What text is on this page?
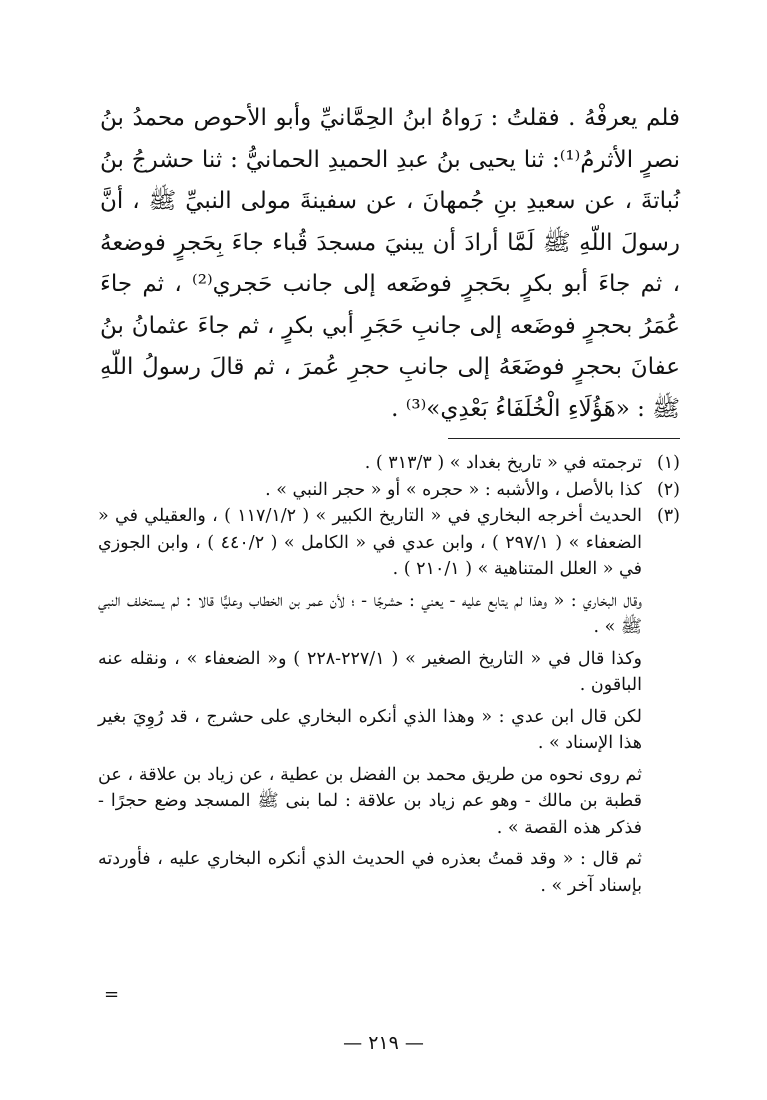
فلم يعرفْهُ . فقلتُ : رَواهُ ابنُ الحِمَّانيِّ وأبو الأحوص محمدُ بنُ نصرٍ الأثرمُ⁽¹⁾: ثنا يحيى بنُ عبدِ الحميدِ الحمانيُّ : ثنا حشرجُ بنُ نُباتةَ ، عن سعيدِ بنِ جُمهانَ ، عن سفينةَ مولى النبيِّ ﷺ ، أنَّ رسولَ اللّهِ ﷺ لَمَّا أرادَ أن يبنيَ مسجدَ قُباء جاءَ بِحَجرٍ فوضعهُ ، ثم جاءَ أبو بكرٍ بحَجرٍ فوضَعه إلى جانب حَجري⁽²⁾ ، ثم جاءَ عُمَرُ بحجرٍ فوضَعه إلى جانبِ حَجَرِ أبي بكرٍ ، ثم جاءَ عثمانُ بنُ عفانَ بحجرٍ فوضَعَهُ إلى جانبِ حجرِ عُمرَ ، ثم قالَ رسولُ اللّهِ ﷺ : «هَؤُلَاءِ الْخُلَفَاءُ بَعْدِي»⁽³⁾ .

(١)

ترجمته في « تاريخ بغداد » ( ٣١٣/٣ ) .

(٢)

كذا بالأصل ، والأشبه : « حجره » أو « حجر النبي » .

(٣)

الحديث أخرجه البخاري في « التاريخ الكبير » ( ١١٧/١/٢ ) ، والعقيلي في « الضعفاء » ( ٢٩٧/١ ) ، وابن عدي في « الكامل » ( ٤٤٠/٢ ) ، وابن الجوزي في « العلل المتناهية » ( ٢١٠/١ ) .

وقال البخاري : « وهذا لم يتابع عليه - يعني : حشرجًا - ؛ لأن عمر بن الخطاب وعليًّا قالا : لم يستخلف النبي ﷺ » .

وكذا قال في « التاريخ الصغير » ( ٢٢٧/١-٢٢٨ ) و« الضعفاء » ، ونقله عنه الباقون .

لكن قال ابن عدي : « وهذا الذي أنكره البخاري على حشرج ، قد رُوِيَ بغير هذا الإسناد » .

ثم روى نحوه من طريق محمد بن الفضل بن عطية ، عن زياد بن علاقة ، عن قطبة بن مالك - وهو عم زياد بن علاقة : لما بنى ﷺ المسجد وضع حجرًا - فذكر هذه القصة » .

ثم قال : « وقد قمتُ بعذره في الحديث الذي أنكره البخاري عليه ، فأوردته بإسناد آخر » .

=
— ٢١٩ —
